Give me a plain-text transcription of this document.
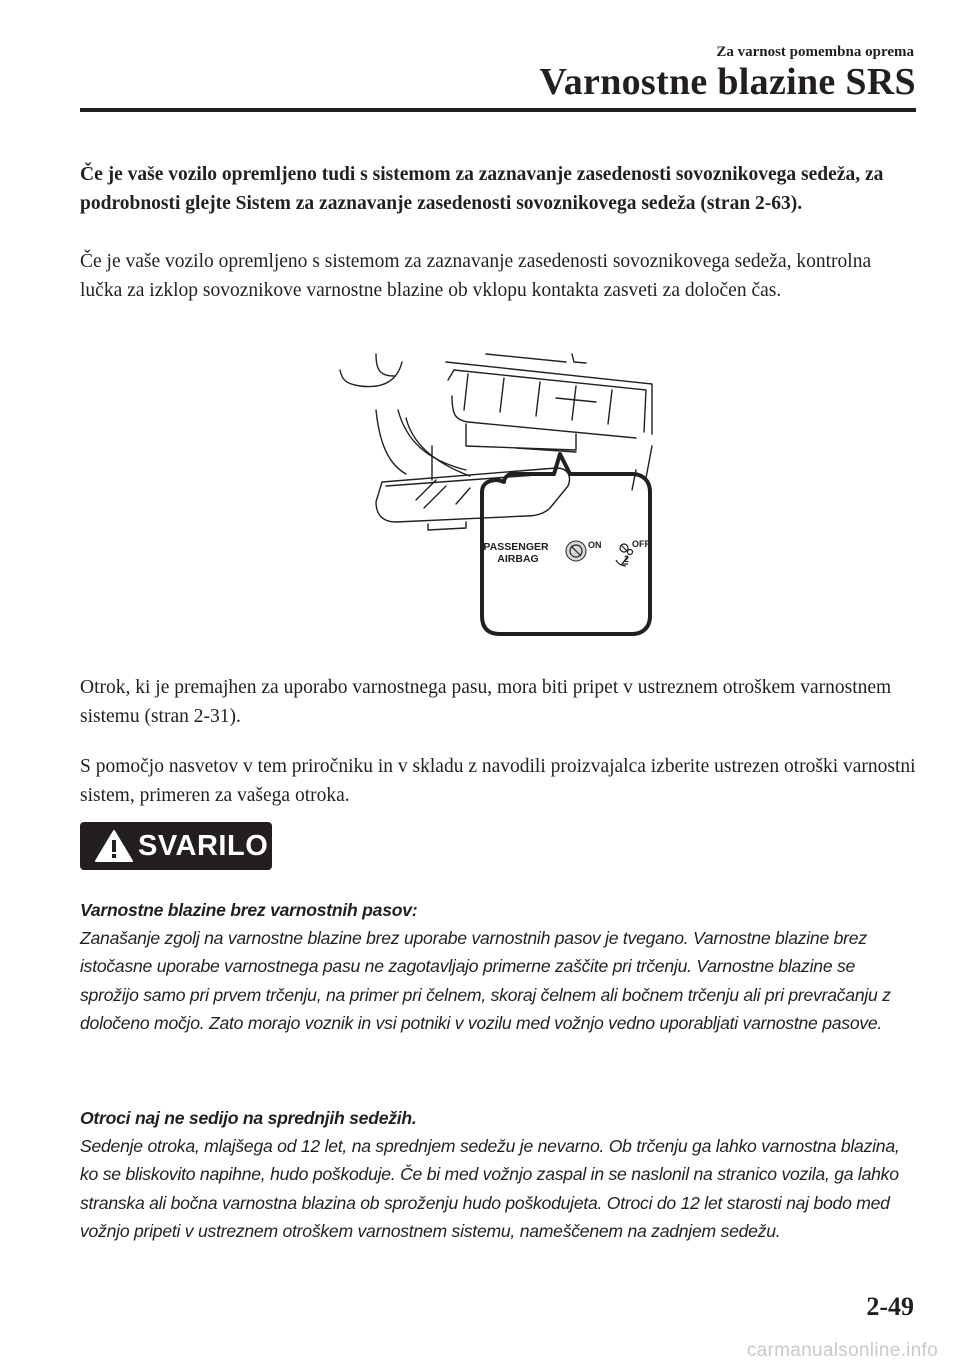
Za varnost pomembna oprema
Varnostne blazine SRS

Če je vaše vozilo opremljeno tudi s sistemom za zaznavanje zasedenosti sovoznikovega sedeža, za podrobnosti glejte Sistem za zaznavanje zasedenosti sovoznikovega sedeža (stran 2-63).

Če je vaše vozilo opremljeno s sistemom za zaznavanje zasedenosti sovoznikovega sedeža, kontrolna lučka za izklop sovoznikove varnostne blazine ob vklopu kontakta zasveti za določen čas.

PASSENGER
AIRBAG
ON	OFF
2

Otrok, ki je premajhen za uporabo varnostnega pasu, mora biti pripet v ustreznem otroškem varnostnem sistemu (stran 2-31).

S pomočjo nasvetov v tem priročniku in v skladu z navodili proizvajalca izberite ustrezen otroški varnostni sistem, primeren za vašega otroka.

SVARILO

Varnostne blazine brez varnostnih pasov:

Zanašanje zgolj na varnostne blazine brez uporabe varnostnih pasov je tvegano. Varnostne blazine brez istočasne uporabe varnostnega pasu ne zagotavljajo primerne zaščite pri trčenju. Varnostne blazine se sprožijo samo pri prvem trčenju, na primer pri čelnem, skoraj čelnem ali bočnem trčenju ali pri prevračanju z določeno močjo. Zato morajo voznik in vsi potniki v vozilu med vožnjo vedno uporabljati varnostne pasove.

Otroci naj ne sedijo na sprednjih sedežih.

Sedenje otroka, mlajšega od 12 let, na sprednjem sedežu je nevarno. Ob trčenju ga lahko varnostna blazina, ko se bliskovito napihne, hudo poškoduje. Če bi med vožnjo zaspal in se naslonil na stranico vozila, ga lahko stranska ali bočna varnostna blazina ob sproženju hudo poškodujeta. Otroci do 12 let starosti naj bodo med vožnjo pripeti v ustreznem otroškem varnostnem sistemu, nameščenem na zadnjem sedežu.

2-49
carmanualsonline.info
